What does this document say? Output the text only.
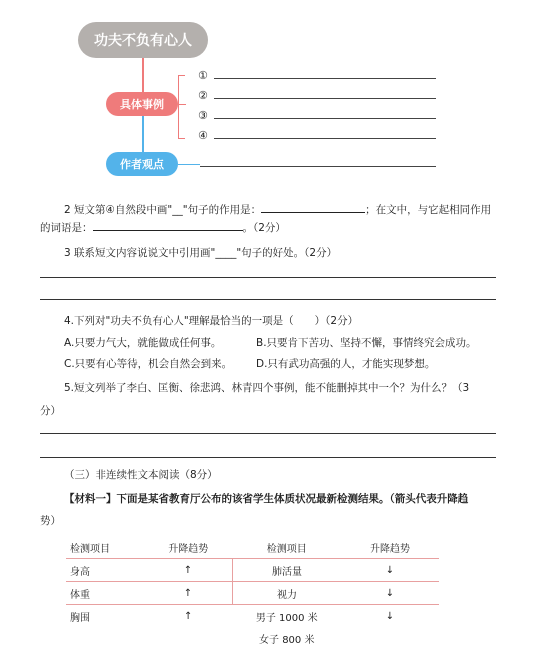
功夫不负有心人
具体事例
作者观点
①
②
③
④
2 短文第④自然段中画"__"句子的作用是：	；在文中，与它起相同作用
的词语是：	。（2分）
3 联系短文内容说说文中引用画"____"句子的好处。（2分）
4.下列对"功夫不负有心人"理解最恰当的一项是（　　）（2分）
A.只要力气大，就能做成任何事。	B.只要肯下苦功、坚持不懈，事情终究会成功。
C.只要有心等待，机会自然会到来。 D.只有武功高强的人，才能实现梦想。
5.短文列举了李白、匡衡、徐悲鸿、林青四个事例，能不能删掉其中一个？为什么？（3
分）
（三）非连续性文本阅读（8分）
【材料一】下面是某省教育厅公布的该省学生体质状况最新检测结果。（箭头代表升降趋
势）
检测项目	升降趋势	检测项目	升降趋势
身高	↑	肺活量	↓
体重	↑	视力	↓
胸围	↑	男子 1000 米	↓
		女子 800 米	
